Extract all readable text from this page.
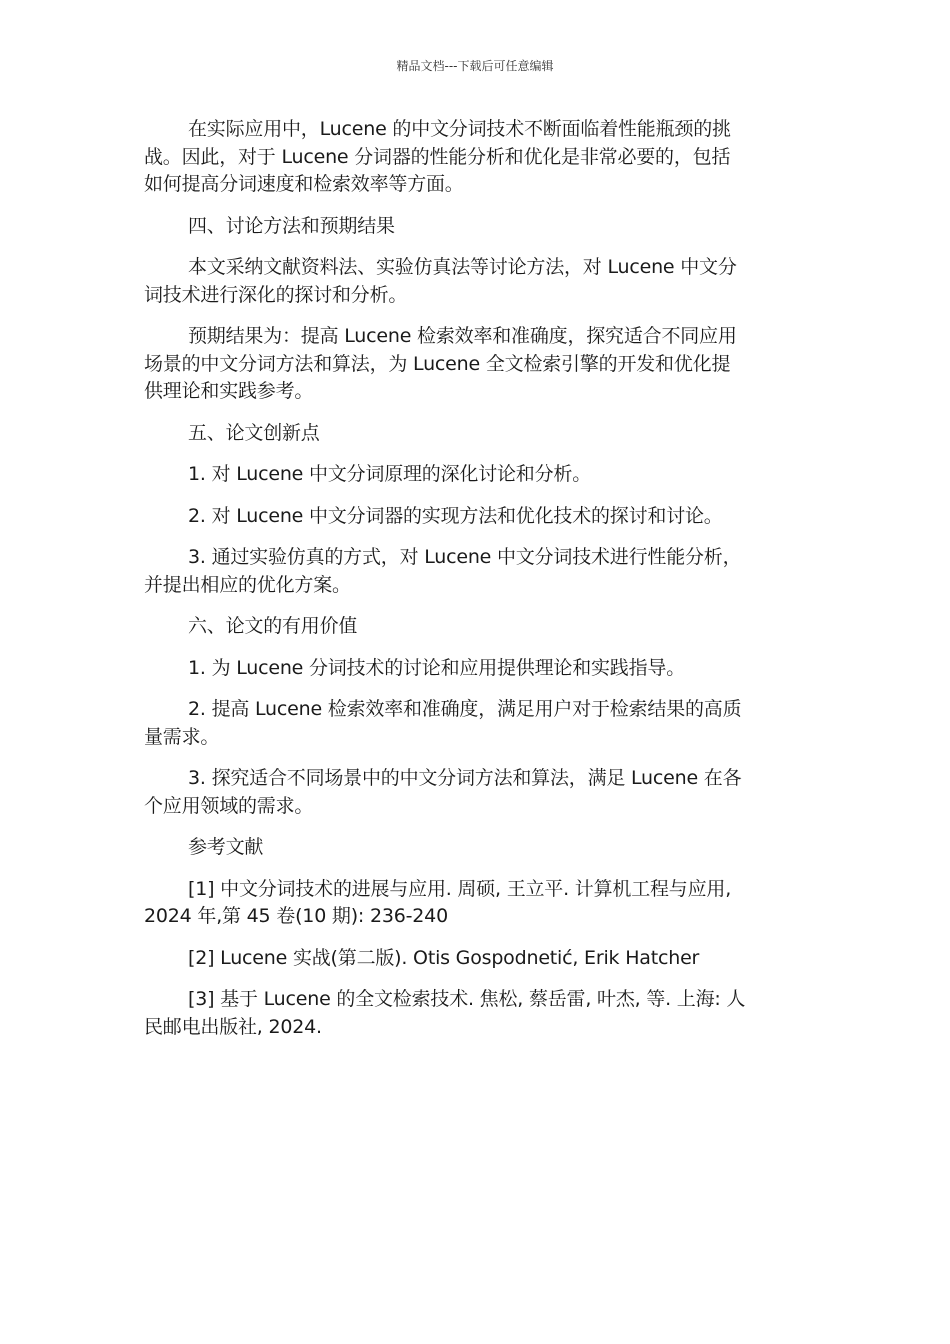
精品文档---下载后可任意编辑

在实际应用中，Lucene 的中文分词技术不断面临着性能瓶颈的挑
战。因此，对于 Lucene 分词器的性能分析和优化是非常必要的，包括
如何提高分词速度和检索效率等方面。

四、讨论方法和预期结果

本文采纳文献资料法、实验仿真法等讨论方法，对 Lucene 中文分
词技术进行深化的探讨和分析。

预期结果为：提高 Lucene 检索效率和准确度，探究适合不同应用
场景的中文分词方法和算法，为 Lucene 全文检索引擎的开发和优化提
供理论和实践参考。

五、论文创新点

1. 对 Lucene 中文分词原理的深化讨论和分析。

2. 对 Lucene 中文分词器的实现方法和优化技术的探讨和讨论。

3. 通过实验仿真的方式，对 Lucene 中文分词技术进行性能分析，
并提出相应的优化方案。

六、论文的有用价值

1. 为 Lucene 分词技术的讨论和应用提供理论和实践指导。

2. 提高 Lucene 检索效率和准确度，满足用户对于检索结果的高质
量需求。

3. 探究适合不同场景中的中文分词方法和算法，满足 Lucene 在各
个应用领域的需求。

参考文献

[1] 中文分词技术的进展与应用. 周硕, 王立平. 计算机工程与应用,
2024 年,第 45 卷(10 期): 236-240

[2] Lucene 实战(第二版). Otis Gospodnetić, Erik Hatcher

[3] 基于 Lucene 的全文检索技术. 焦松, 蔡岳雷, 叶杰, 等. 上海: 人
民邮电出版社, 2024.
